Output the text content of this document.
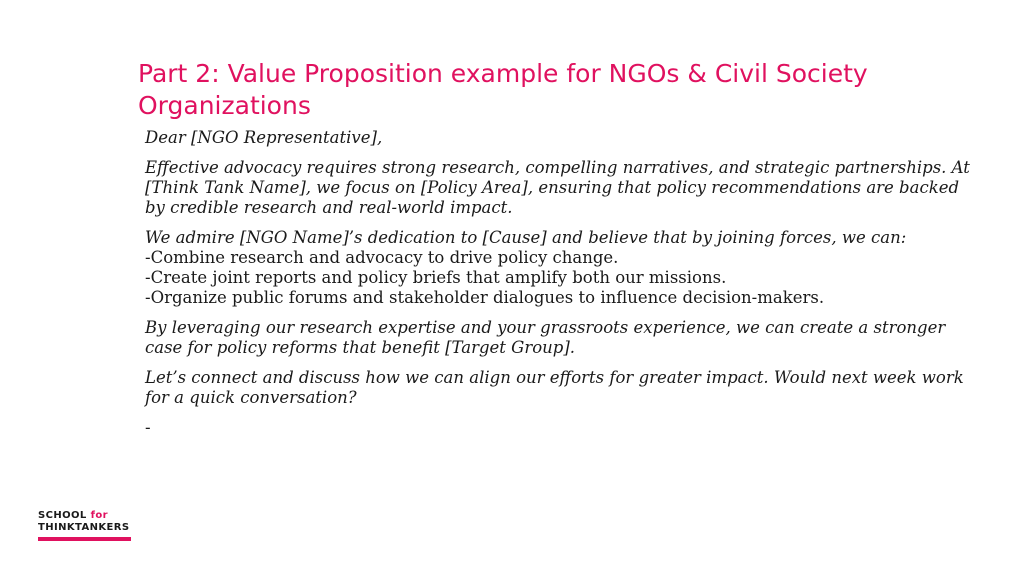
Part 2: Value Proposition example for NGOs & Civil Society Organizations

Dear [NGO Representative],

Effective advocacy requires strong research, compelling narratives, and strategic partnerships. At [Think Tank Name], we focus on [Policy Area], ensuring that policy recommendations are backed by credible research and real-world impact.

We admire [NGO Name]’s dedication to [Cause] and believe that by joining forces, we can:
-Combine research and advocacy to drive policy change.
-Create joint reports and policy briefs that amplify both our missions.
-Organize public forums and stakeholder dialogues to influence decision-makers.

By leveraging our research expertise and your grassroots experience, we can create a stronger case for policy reforms that benefit [Target Group].

Let’s connect and discuss how we can align our efforts for greater impact. Would next week work for a quick conversation?

-

SCHOOL for
THINKTANKERS
